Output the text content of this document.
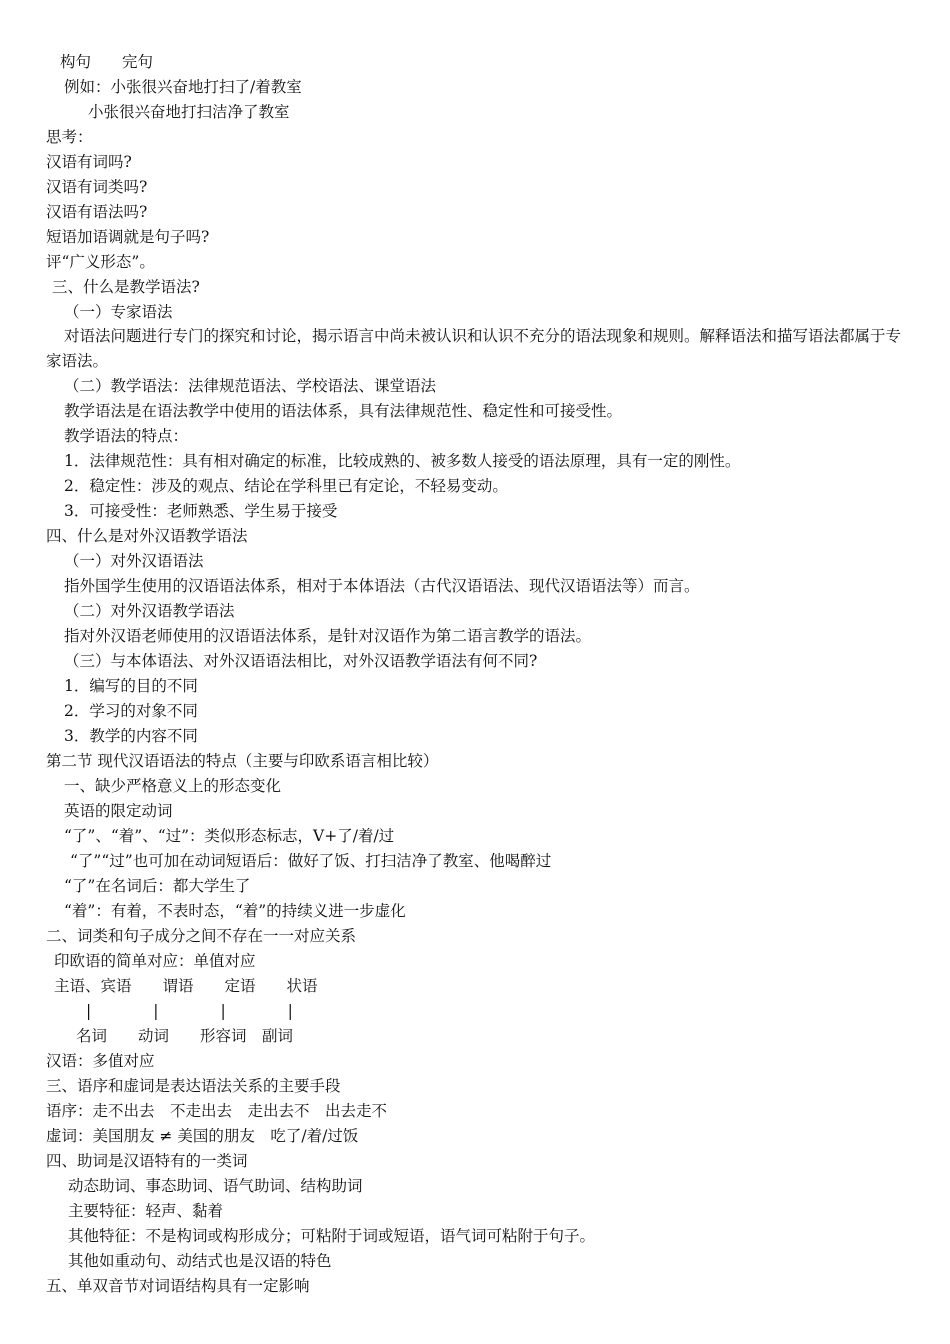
构句　　完句
例如：小张很兴奋地打扫了/着教室
小张很兴奋地打扫洁净了教室
思考：
汉语有词吗?
汉语有词类吗?
汉语有语法吗?
短语加语调就是句子吗?
评“广义形态”。
三、什么是教学语法?
（一）专家语法
对语法问题进行专门的探究和讨论，揭示语言中尚未被认识和认识不充分的语法现象和规则。解释语法和描写语法都属于专家语法。
（二）教学语法：法律规范语法、学校语法、课堂语法
教学语法是在语法教学中使用的语法体系，具有法律规范性、稳定性和可接受性。
教学语法的特点：
1．法律规范性：具有相对确定的标准，比较成熟的、被多数人接受的语法原理，具有一定的刚性。
2．稳定性：涉及的观点、结论在学科里已有定论，不轻易变动。
3．可接受性：老师熟悉、学生易于接受
四、什么是对外汉语教学语法
（一）对外汉语语法
指外国学生使用的汉语语法体系，相对于本体语法（古代汉语语法、现代汉语语法等）而言。
（二）对外汉语教学语法
指对外汉语老师使用的汉语语法体系，是针对汉语作为第二语言教学的语法。
（三）与本体语法、对外汉语语法相比，对外汉语教学语法有何不同?
1．编写的目的不同
2．学习的对象不同
3．教学的内容不同
第二节 现代汉语语法的特点（主要与印欧系语言相比较）
一、缺少严格意义上的形态变化
英语的限定动词
“了”、“着”、“过”：类似形态标志，V+了/着/过
“了”“过”也可加在动词短语后：做好了饭、打扫洁净了教室、他喝醉过
“了”在名词后：都大学生了
“着”：有着，不表时态，“着”的持续义进一步虚化
二、词类和句子成分之间不存在一一对应关系
印欧语的简单对应：单值对应
主语、宾语　　谓语　　定语　　状语
|　　　　|　　　　|　　　　|
名词　　动词　　形容词　副词
汉语：多值对应
三、语序和虚词是表达语法关系的主要手段
语序：走不出去　不走出去　走出去不　出去走不
虚词：美国朋友 ≠ 美国的朋友　吃了/着/过饭
四、助词是汉语特有的一类词
动态助词、事态助词、语气助词、结构助词
主要特征：轻声、黏着
其他特征：不是构词或构形成分；可粘附于词或短语，语气词可粘附于句子。
其他如重动句、动结式也是汉语的特色
五、单双音节对词语结构具有一定影响
